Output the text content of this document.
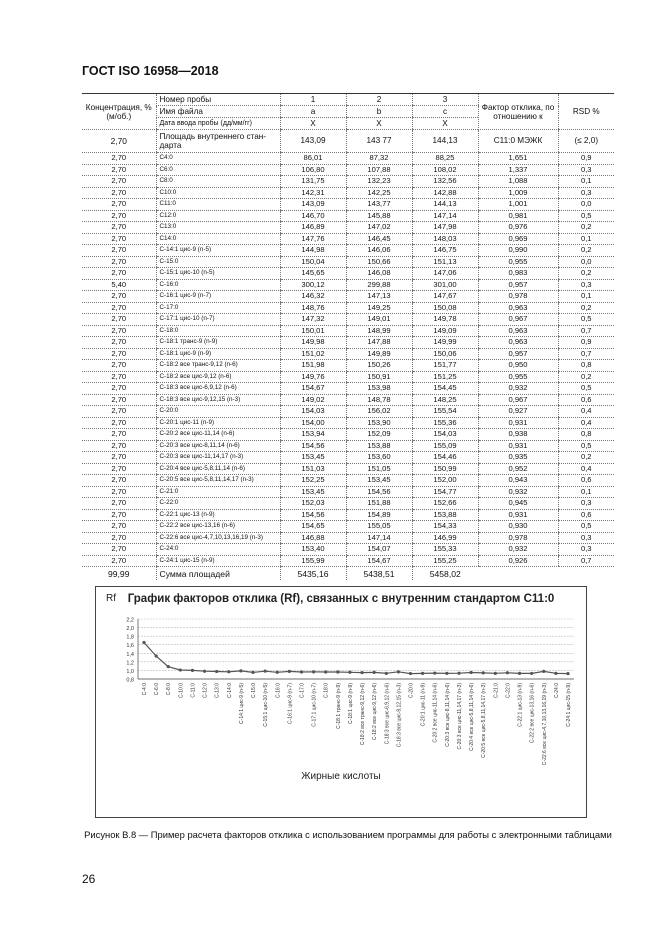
ГОСТ ISO 16958—2018
Концентрация, % (м/об.)	Номер пробы	1	2	3	Фактор отклика, по отношению к	RSD %
	Имя файла	a	b	c		
	Дата ввода пробы (дд/мм/гг)	X	X	X		
2,70	Площадь внутреннего стан-дарта	143,09	143 77	144,13	C11:0 МЭЖК	(≤ 2,0)
2,70	C4:0	86,01	87,32	88,25	1,651	0,9
2,70	C6:0	106,80	107,88	108,02	1,337	0,3
2,70	C8:0	131,75	132,23	132,56	1,088	0,1
2,70	C10:0	142,31	142,25	142,88	1,009	0,3
2,70	C11:0	143,09	143,77	144,13	1,001	0,0
2,70	C12:0	146,70	145,88	147,14	0,981	0,5
2,70	C13:0	146,89	147,02	147,98	0,976	0,2
2,70	C14:0	147,76	146,45	148,03	0,969	0,1
2,70	C-14:1 цис-9 (n-5)	144,98	146,06	146,75	0,990	0,2
2,70	C-15:0	150,04	150,66	151,13	0,955	0,0
2,70	C-15:1 цис-10 (n-5)	145,65	146,08	147,06	0,983	0,2
5,40	C-16:0	300,12	299,88	301,00	0,957	0,3
2,70	C-16:1 цис-9 (n-7)	146,32	147,13	147,67	0,978	0,1
2,70	C-17:0	148,76	149,25	150,08	0,963	0,2
2,70	C-17:1 цис-10 (n-7)	147,32	149,01	149,78	0,967	0,5
2,70	C-18:0	150,01	148,99	149,09	0,963	0,7
2,70	C-18:1 транс-9 (n-9)	149,98	147,88	149,99	0,963	0,9
2,70	C-18:1 цис-9 (n-9)	151,02	149,89	150,06	0,957	0,7
2,70	C-18:2 все транс-9,12 (n-6)	151,98	150,26	151,77	0,950	0,8
2,70	C-18:2 все цис-9,12 (n-6)	149,76	150,91	151,25	0,955	0,2
2,70	C-18:3 все цис-6,9,12 (n-6)	154,67	153,98	154,45	0,932	0,5
2,70	C-18:3 все цис-9,12,15 (n-3)	149,02	148,78	148,25	0,967	0,6
2,70	C-20:0	154,03	156,02	155,54	0,927	0,4
2,70	C-20:1 цис-11 (n-9)	154,00	153,90	155,36	0,931	0,4
2,70	C-20:2 все цис-11,14 (n-6)	153,94	152,09	154,03	0,938	0,8
2,70	C-20:3 все цис-8,11,14 (n-6)	154,56	153,88	155,09	0,931	0,5
2,70	C-20:3 все цис-11,14,17 (n-3)	153,45	153,60	154,46	0,935	0,2
2,70	C-20:4 все цис-5,8,11,14 (n-6)	151,03	151,05	150,99	0,952	0,4
2,70	C-20:5 все цис-5,8,11,14,17 (n-3)	152,25	153,45	152,00	0,943	0,6
2,70	C-21:0	153,45	154,56	154,77	0,932	0,1
2,70	C-22:0	152,03	151,88	152,66	0,945	0,3
2,70	C-22:1 цис-13 (n-9)	154,56	154,89	153,88	0,931	0,6
2,70	C-22:2 все цис-13,16 (n-6)	154,65	155,05	154,33	0,930	0,5
2,70	C-22:6 все цис-4,7,10,13,16,19 (n-3)	146,88	147,14	146,99	0,978	0,3
2,70	C-24:0	153,40	154,07	155,33	0,932	0,3
2,70	C-24:1 цис-15 (n-9)	155,99	154,67	155,25	0,926	0,7
99,99	Сумма площадей	5435,16	5438,51	5458,02		
График факторов отклика (Rf), связанных с внутренним стандартом C11:0
Rf
0,8
1,0
1,2
1,4
1,6
1,8
2,0
2,2
C-4:0 C-6:0 C-8:0 C-10:0 C-11:0 C-12:0 C-13:0 C-14:0 C-14:1 цис-9 (n-5) C-15:0 C-15:1 цис-10 (n-5) C-16:0 C-16:1 цис-9 (n-7) C-17:0 C-17:1 цис-10 (n-7) C-18:0 C-18:1 транс-9 (n-9) C-18:1 цис-9 (n-9) C-18:2 все транс-9,12 (n-6) C-18:2 все цис-9,12 (n-6) C-18:3 все цис-6,9,12 (n-6) C-18:3 все цис-9,12,15 (n-3) C-20:0 C-20:1 цис-11 (n-9) C-20:2 все цис-11,14 (n-6) C-20:3 все цис-8,11,14 (n-6) C-20:3 все цис-11,14,17 (n-3) C-20:4 все цис-5,8,11,14 (n-6) C-20:5 все цис-5,8,11,14,17 (n-3) C-21:0 C-22:0 C-22:1 цис-13 (n-9) C-22:2 все цис-13,16 (n-6) C-22:6 все цис-4,7,10,13,16,19 (n-3) C-24:0 C-24:1 цис-15 (n-9)
Жирные кислоты
Рисунок В.8 — Пример расчета факторов отклика с использованием программы для работы с электронными таблицами
26
